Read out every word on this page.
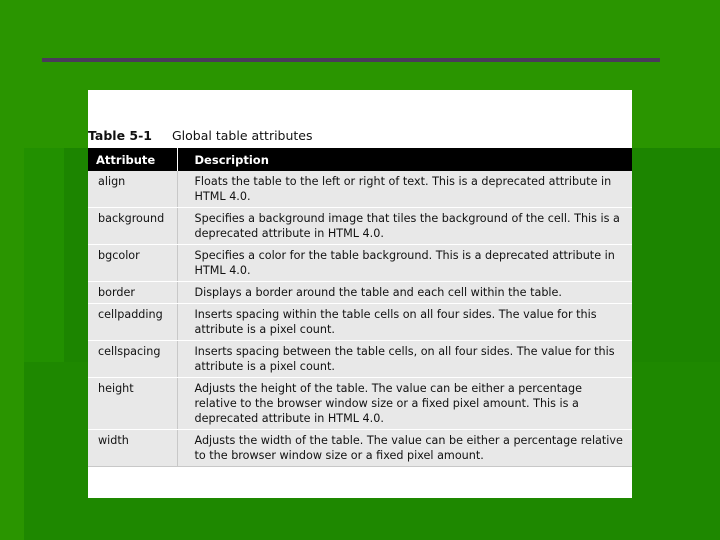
Table 5-1 Global table attributes
Attribute	Description
align	Floats the table to the left or right of text. This is a deprecated attribute in HTML 4.0.
background	Specifies a background image that tiles the background of the cell. This is a deprecated attribute in HTML 4.0.
bgcolor	Specifies a color for the table background. This is a deprecated attribute in HTML 4.0.
border	Displays a border around the table and each cell within the table.
cellpadding	Inserts spacing within the table cells on all four sides. The value for this attribute is a pixel count.
cellspacing	Inserts spacing between the table cells, on all four sides. The value for this attribute is a pixel count.
height	Adjusts the height of the table. The value can be either a percentage relative to the browser window size or a fixed pixel amount. This is a deprecated attribute in HTML 4.0.
width	Adjusts the width of the table. The value can be either a percentage relative to the browser window size or a fixed pixel amount.
